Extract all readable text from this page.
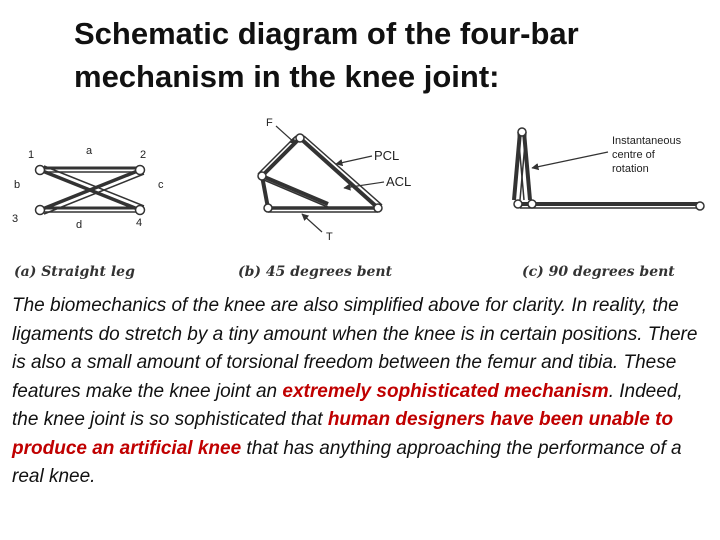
Schematic diagram of the four-bar
mechanism in the knee joint:
1	2
3	4
a
b	c
d
F
PCL
ACL
T
Instantaneous
centre of
rotation
(a) Straight leg	(b) 45 degrees bent	(c) 90 degrees bent
The biomechanics of the knee are also simplified above for clarity. In reality, the ligaments do stretch by a tiny amount when the knee is in certain positions. There is also a small amount of torsional freedom between the femur and tibia. These features make the knee joint an extremely sophisticated mechanism. Indeed, the knee joint is so sophisticated that human designers have been unable to produce an artificial knee that has anything approaching the performance of a real knee.
